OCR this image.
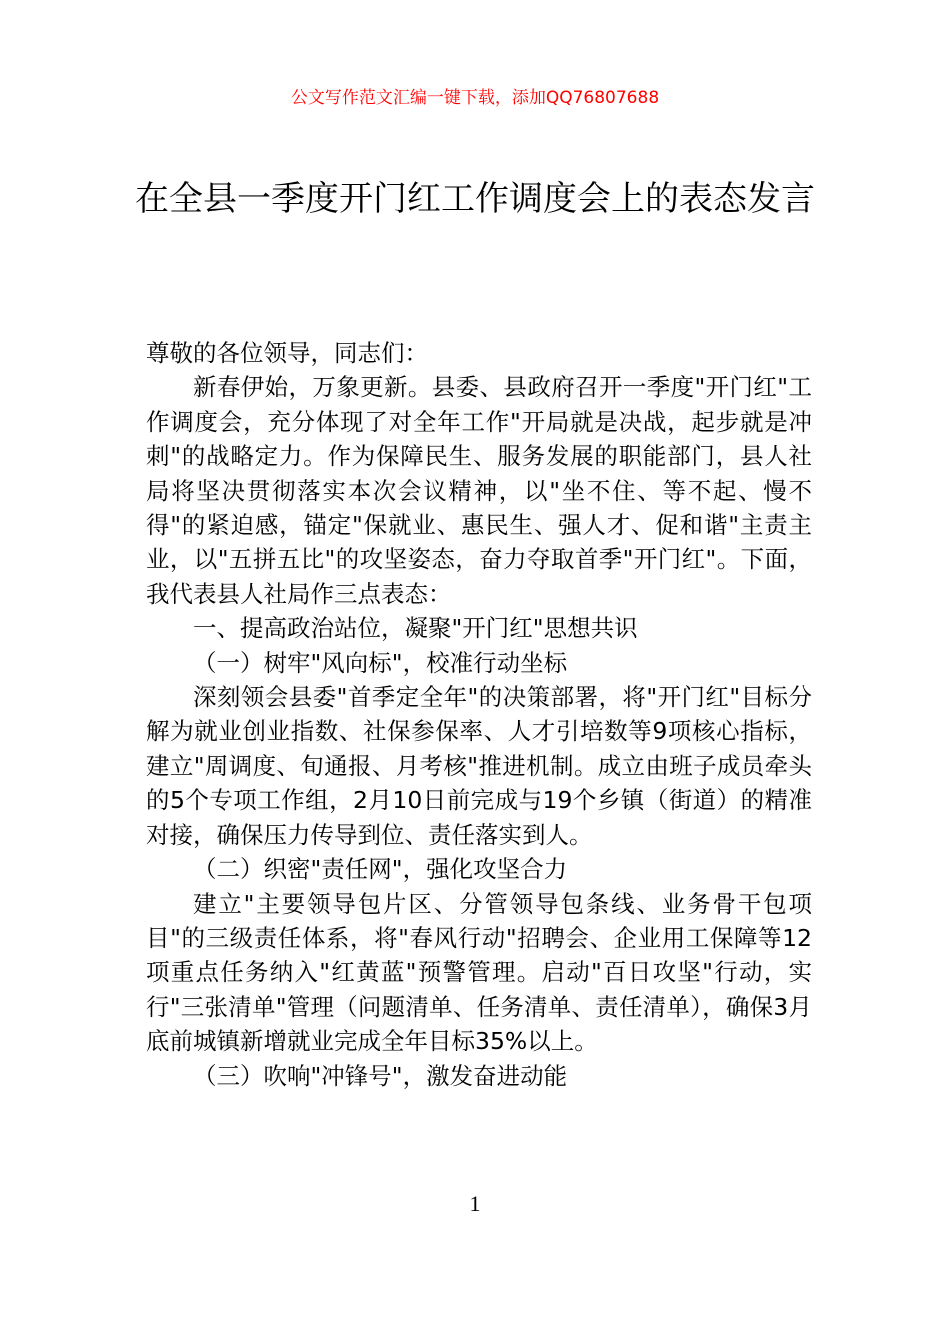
公文写作范文汇编一键下载，添加QQ76807688
在全县一季度开门红工作调度会上的表态发言

尊敬的各位领导，同志们：

新春伊始，万象更新。县委、县政府召开一季度"开门红"工作调度会，充分体现了对全年工作"开局就是决战，起步就是冲刺"的战略定力。作为保障民生、服务发展的职能部门，县人社局将坚决贯彻落实本次会议精神，以"坐不住、等不起、慢不得"的紧迫感，锚定"保就业、惠民生、强人才、促和谐"主责主业，以"五拼五比"的攻坚姿态，奋力夺取首季"开门红"。下面，我代表县人社局作三点表态：

一、提高政治站位，凝聚"开门红"思想共识

（一）树牢"风向标"，校准行动坐标

深刻领会县委"首季定全年"的决策部署，将"开门红"目标分解为就业创业指数、社保参保率、人才引培数等9项核心指标，建立"周调度、旬通报、月考核"推进机制。成立由班子成员牵头的5个专项工作组，2月10日前完成与19个乡镇（街道）的精准对接，确保压力传导到位、责任落实到人。

（二）织密"责任网"，强化攻坚合力

建立"主要领导包片区、分管领导包条线、业务骨干包项目"的三级责任体系，将"春风行动"招聘会、企业用工保障等12项重点任务纳入"红黄蓝"预警管理。启动"百日攻坚"行动，实行"三张清单"管理（问题清单、任务清单、责任清单），确保3月底前城镇新增就业完成全年目标35%以上。

（三）吹响"冲锋号"，激发奋进动能

1
